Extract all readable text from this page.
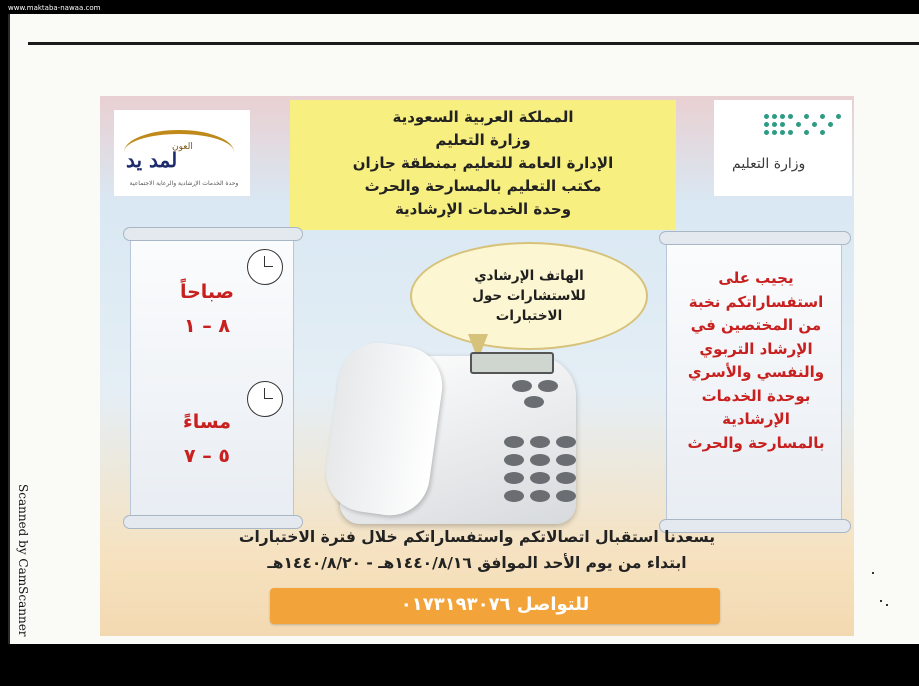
www.maktaba-nawaa.com
Scanned by CamScanner
العون
لمد يد
وحدة الخدمات الإرشادية والرعاية الاجتماعية
المملكة العربية السعودية
وزارة التعليم
الإدارة العامة للتعليم بمنطقة جازان
مكتب التعليم بالمسارحة والحرث
وحدة الخدمات الإرشادية
وزارة التعليم
صباحاً
٨ – ١
مساءً
٥ – ٧
الهاتف الإرشادي
للاستشارات حول
الاختبارات
يجيب على
استفساراتكم نخبة
من المختصين في
الإرشاد التربوي
والنفسي والأسري
بوحدة الخدمات
الإرشادية
بالمسارحة والحرث
يسعدنا استقبال اتصالاتكم واستفساراتكم خلال فترة الاختبارات
ابتداء من يوم الأحد الموافق ١٤٤٠/٨/١٦هـ - ١٤٤٠/٨/٢٠هـ
للتواصل ٠١٧٣١٩٣٠٧٦
